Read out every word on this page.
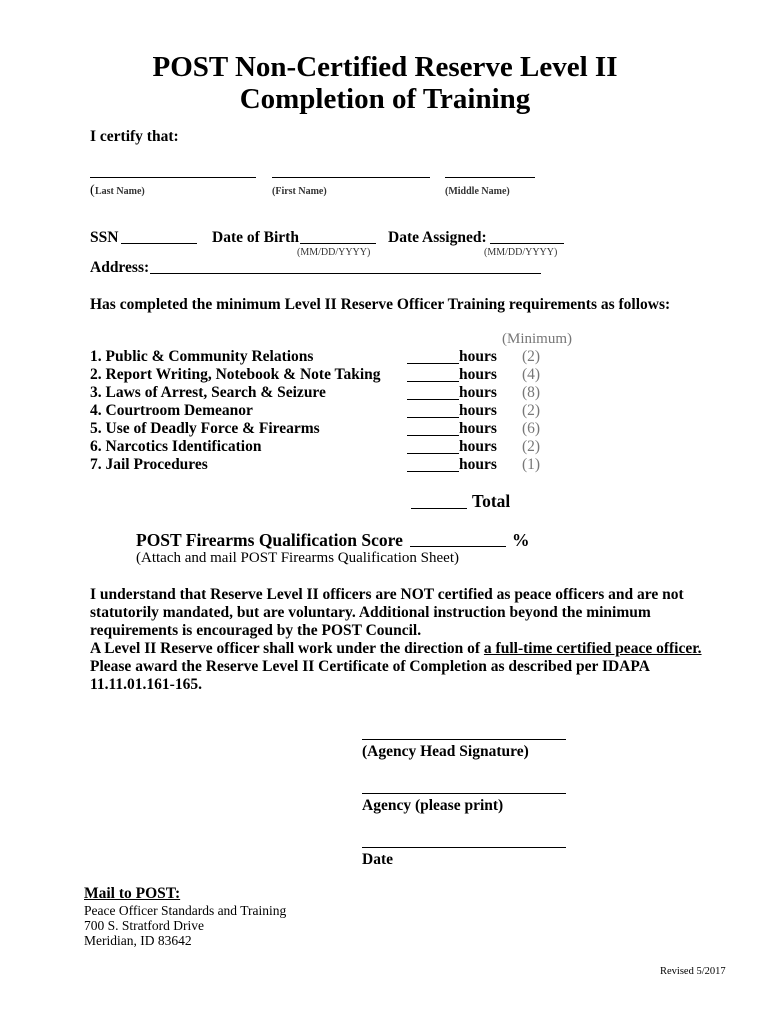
POST Non-Certified Reserve Level II
Completion of Training
I certify that:
( Last Name)	(First Name)	(Middle Name)
SSN	Date of Birth	Date Assigned:
(MM/DD/YYYY)	(MM/DD/YYYY)
Address:
Has completed the minimum Level II Reserve Officer Training requirements as follows:
(Minimum)
1. Public & Community Relations	hours (2)
2. Report Writing, Notebook & Note Taking	hours (4)
3. Laws of Arrest, Search & Seizure	hours (8)
4. Courtroom Demeanor	hours (2)
5. Use of Deadly Force & Firearms	hours (6)
6. Narcotics Identification	hours (2)
7. Jail Procedures	hours (1)
Total
POST Firearms Qualification Score	%
(Attach and mail POST Firearms Qualification Sheet)

I understand that Reserve Level II officers are NOT certified as peace officers and are not

statutorily mandated, but are voluntary. Additional instruction beyond the minimum

requirements is encouraged by the POST Council.

A Level II Reserve officer shall work under the direction of a full-time certified peace officer.

Please award the Reserve Level II Certificate of Completion as described per IDAPA

11.11.01.161-165.

(Agency Head Signature)
Agency (please print)
Date
Mail to POST:
Peace Officer Standards and Training
700 S. Stratford Drive
Meridian, ID 83642
Revised 5/2017
